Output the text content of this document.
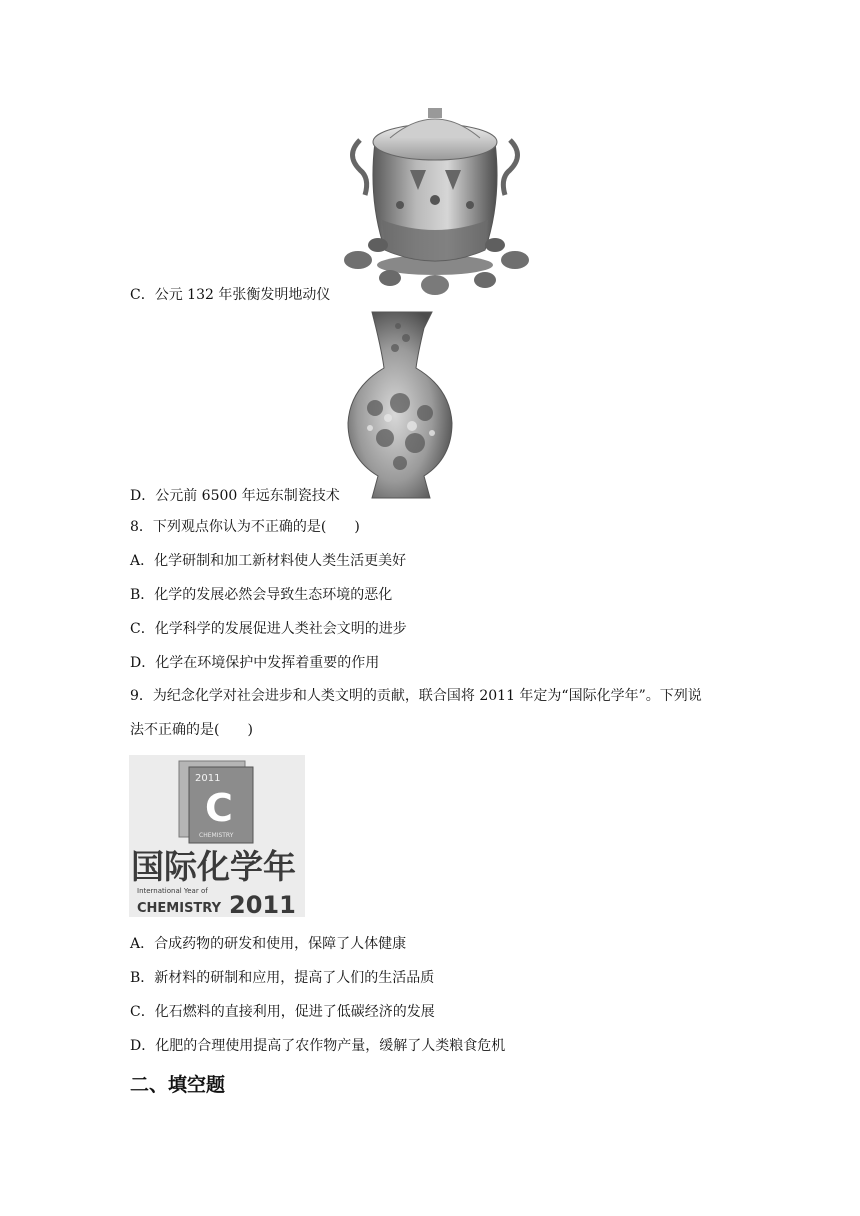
C．公元 132 年张衡发明地动仪
D．公元前 6500 年远东制瓷技术
8．下列观点你认为不正确的是(　　)
A．化学研制和加工新材料使人类生活更美好
B．化学的发展必然会导致生态环境的恶化
C．化学科学的发展促进人类社会文明的进步
D．化学在环境保护中发挥着重要的作用
9．为纪念化学对社会进步和人类文明的贡献，联合国将 2011 年定为“国际化学年”。下列说
法不正确的是(　　)
2011
C
CHEMISTRY
国际化学年
International Year of
CHEMISTRY 2011
A．合成药物的研发和使用，保障了人体健康
B．新材料的研制和应用，提高了人们的生活品质
C．化石燃料的直接利用，促进了低碳经济的发展
D．化肥的合理使用提高了农作物产量，缓解了人类粮食危机
二、填空题
